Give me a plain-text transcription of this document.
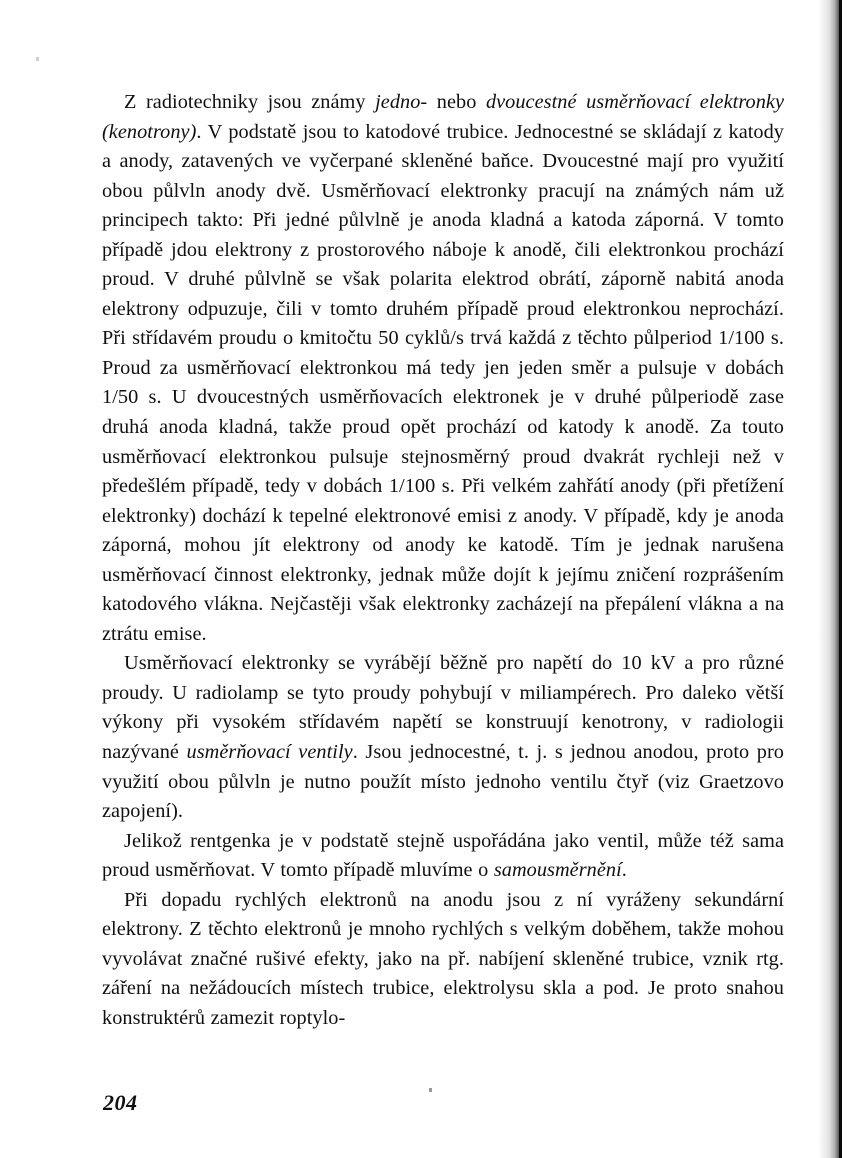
Z radiotechniky jsou známy jedno- nebo dvoucestné usměrňovací elektronky (kenotrony). V podstatě jsou to katodové trubice. Jednocestné se skládají z katody a anody, zatavených ve vyčerpané skleněné baňce. Dvoucestné mají pro využití obou půlvln anody dvě. Usměrňovací elektronky pracují na známých nám už principech takto: Při jedné půlvlně je anoda kladná a katoda záporná. V tomto případě jdou elektrony z prostorového náboje k anodě, čili elektronkou prochází proud. V druhé půlvlně se však polarita elektrod obrátí, záporně nabitá anoda elektrony odpuzuje, čili v tomto druhém případě proud elektronkou neprochází. Při střídavém proudu o kmitočtu 50 cyklů/s trvá každá z těchto půlperiod 1/100 s. Proud za usměrňovací elektronkou má tedy jen jeden směr a pulsuje v dobách 1/50 s. U dvoucestných usměrňovacích elektronek je v druhé půlperiodě zase druhá anoda kladná, takže proud opět prochází od katody k anodě. Za touto usměrňovací elektronkou pulsuje stejnosměrný proud dvakrát rychleji než v předešlém případě, tedy v dobách 1/100 s. Při velkém zahřátí anody (při přetížení elektronky) dochází k tepelné elektronové emisi z anody. V případě, kdy je anoda záporná, mohou jít elektrony od anody ke katodě. Tím je jednak narušena usměrňovací činnost elektronky, jednak může dojít k jejímu zničení rozprášením katodového vlákna. Nejčastěji však elektronky zacházejí na přepálení vlákna a na ztrátu emise.

Usměrňovací elektronky se vyrábějí běžně pro napětí do 10 kV a pro různé proudy. U radiolamp se tyto proudy pohybují v miliampérech. Pro daleko větší výkony při vysokém střídavém napětí se konstruují kenotrony, v radiologii nazývané usměrňovací ventily. Jsou jednocestné, t. j. s jednou anodou, proto pro využití obou půlvln je nutno použít místo jednoho ventilu čtyř (viz Graetzovo zapojení).

Jelikož rentgenka je v podstatě stejně uspořádána jako ventil, může též sama proud usměrňovat. V tomto případě mluvíme o samousměrnění.

Při dopadu rychlých elektronů na anodu jsou z ní vyráženy sekundární elektrony. Z těchto elektronů je mnoho rychlých s velkým doběhem, takže mohou vyvolávat značné rušivé efekty, jako na př. nabíjení skleněné trubice, vznik rtg. záření na nežádoucích místech trubice, elektrolysu skla a pod. Je proto snahou konstruktérů zamezit roptylo-

204
